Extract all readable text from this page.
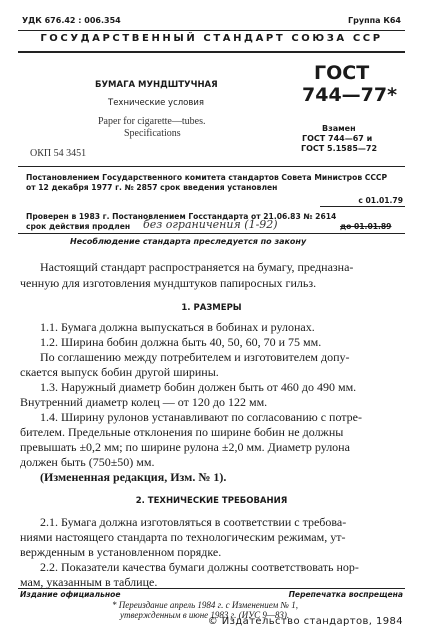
УДК 676.42 : 006.354	Группа К64
ГОСУДАРСТВЕННЫЙ СТАНДАРТ СОЮЗА ССР
БУМАГА МУНДШТУЧНАЯ
Технические условия
Paper for cigarette—tubes.
Specifications
ОКП 54 3451
ГОСТ
744—77*
Взамен
ГОСТ 744—67 и
ГОСТ 5.1585—72
Постановлением Государственного комитета стандартов Совета Министров СССР
от 12 декабря 1977 г. № 2857 срок введения установлен
с 01.01.79
Проверен в 1983 г. Постановлением Госстандарта от 21.06.83 № 2614
срок действия продлен без ограничения (1-92)	до 01.01.89
Несоблюдение стандарта преследуется по закону
Настоящий стандарт распространяется на бумагу, предназна-
ченную для изготовления мундштуков папиросных гильз.
1. РАЗМЕРЫ
1.1. Бумага должна выпускаться в бобинах и рулонах.
1.2. Ширина бобин должна быть 40, 50, 60, 70 и 75 мм.
По соглашению между потребителем и изготовителем допу-
скается выпуск бобин другой ширины.
1.3. Наружный диаметр бобин должен быть от 460 до 490 мм.
Внутренний диаметр колец — от 120 до 122 мм.
1.4. Ширину рулонов устанавливают по согласованию с потре-
бителем. Предельные отклонения по ширине бобин не должны
превышать ±0,2 мм; по ширине рулона ±2,0 мм. Диаметр рулона
должен быть (750±50) мм.
(Измененная редакция, Изм. № 1).
2. ТЕХНИЧЕСКИЕ ТРЕБОВАНИЯ
2.1. Бумага должна изготовляться в соответствии с требова-
ниями настоящего стандарта по технологическим режимам, ут-
вержденным в установленном порядке.
2.2. Показатели качества бумаги должны соответствовать нор-
мам, указанным в таблице.
Издание официальное	Перепечатка воспрещена
* Переиздание апрель 1984 г. с Изменением № 1,
утвержденным в июне 1983 г. (ИУС 9—83).
© Издательство стандартов, 1984
